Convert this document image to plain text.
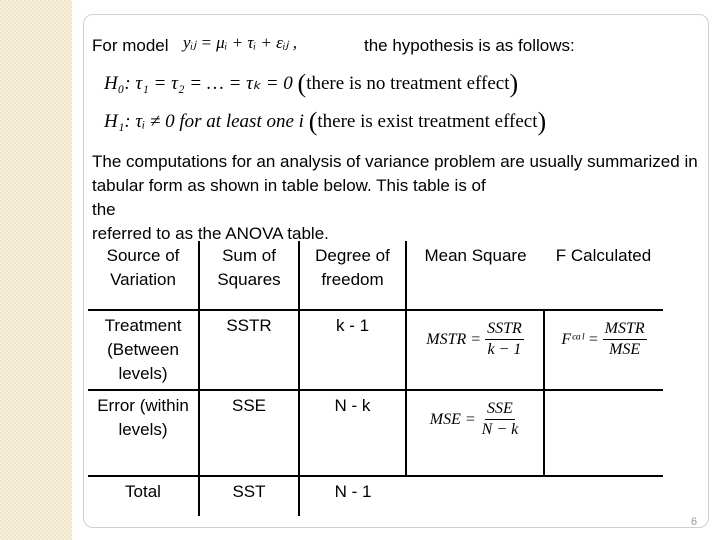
For model yᵢⱼ = μᵢ + τᵢ + εᵢⱼ ,	the hypothesis is as follows:
H₀: τ₁ = τ₂ = … = τₖ = 0 (there is no treatment effect)
H₁: τᵢ ≠ 0 for at least one i (there is exist treatment effect)
The computations for an analysis of variance problem are usually summarized in tabular form as shown in table below. This table is of
the
referred to as the ANOVA table.
Source of Variation	Sum of Squares	Degree of freedom	Mean Square	F Calculated
Treatment (Between levels)	SSTR	k - 1	MSTR = $\frac{\text{SSTR}}{k - 1}$	Fᶜᵃˡ = $\frac{\text{MSTR}}{\text{MSE}}$

Error (within levels)	SSE	N - k	MSE = $\frac{\text{SSE}}{N - k}$

Total	SST	N - 1		
6
